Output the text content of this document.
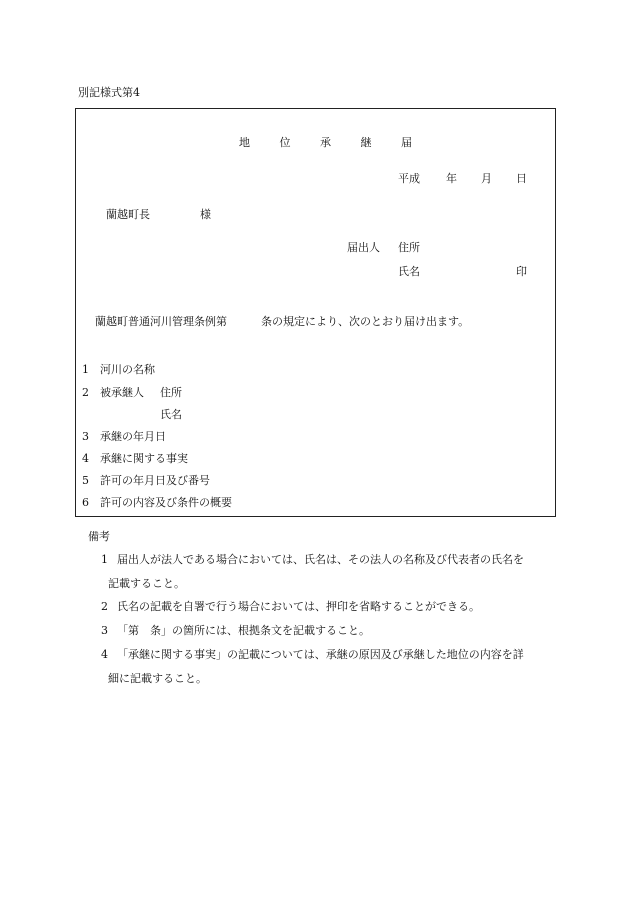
別記様式第4
地	位	承	継	届
平成 年 月 日
蘭越町長	様
届出人 住所
氏名	印
蘭越町普通河川管理条例第	条の規定により、次のとおり届け出ます。
1 河川の名称
2 被承継人 住所
氏名
3 承継の年月日
4 承継に関する事実
5 許可の年月日及び番号
6 許可の内容及び条件の概要
備考
1 届出人が法人である場合においては、氏名は、その法人の名称及び代表者の氏名を
記載すること。
2 氏名の記載を自署で行う場合においては、押印を省略することができる。
3 「第　条」の箇所には、根拠条文を記載すること。
4 「承継に関する事実」の記載については、承継の原因及び承継した地位の内容を詳
細に記載すること。
